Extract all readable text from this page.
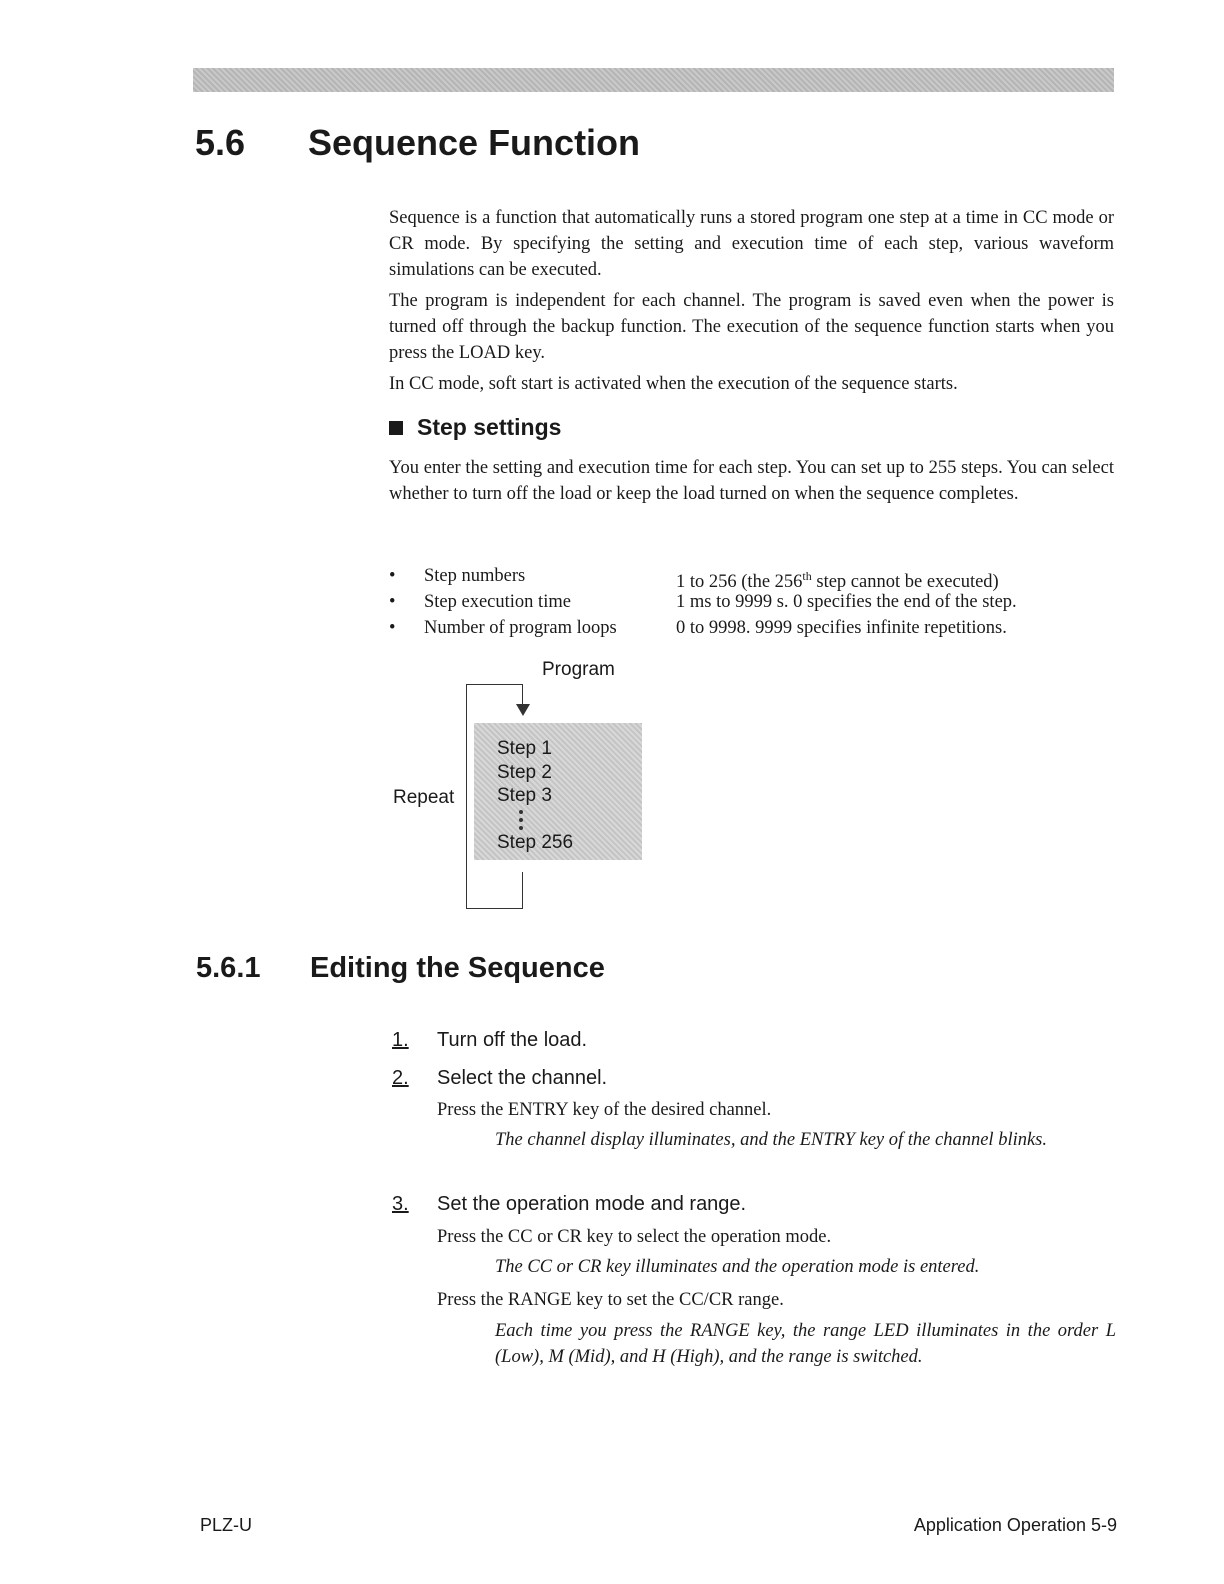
5.6 Sequence Function

Sequence is a function that automatically runs a stored program one step at a time in CC mode or CR mode. By specifying the setting and execution time of each step, various waveform simulations can be executed.

The program is independent for each channel. The program is saved even when the power is turned off through the backup function. The execution of the sequence function starts when you press the LOAD key.

In CC mode, soft start is activated when the execution of the sequence starts.

Step settings

You enter the setting and execution time for each step. You can set up to 255 steps. You can select whether to turn off the load or keep the load turned on when the sequence completes.

•	Step numbers	1 to 256 (the 256th step cannot be executed)
•	Step execution time	1 ms to 9999 s. 0 specifies the end of the step.
•	Number of program loops	0 to 9998. 9999 specifies infinite repetitions.
Program
Repeat
Step 1
Step 2
Step 3
Step 256
5.6.1 Editing the Sequence
1. Turn off the load.
2. Select the channel.
Press the ENTRY key of the desired channel.

The channel display illuminates, and the ENTRY key of the channel blinks.

3. Set the operation mode and range.
Press the CC or CR key to select the operation mode.

The CC or CR key illuminates and the operation mode is entered.

Press the RANGE key to set the CC/CR range.

Each time you press the RANGE key, the range LED illuminates in the order L (Low), M (Mid), and H (High), and the range is switched.

PLZ-U	Application Operation 5-9
